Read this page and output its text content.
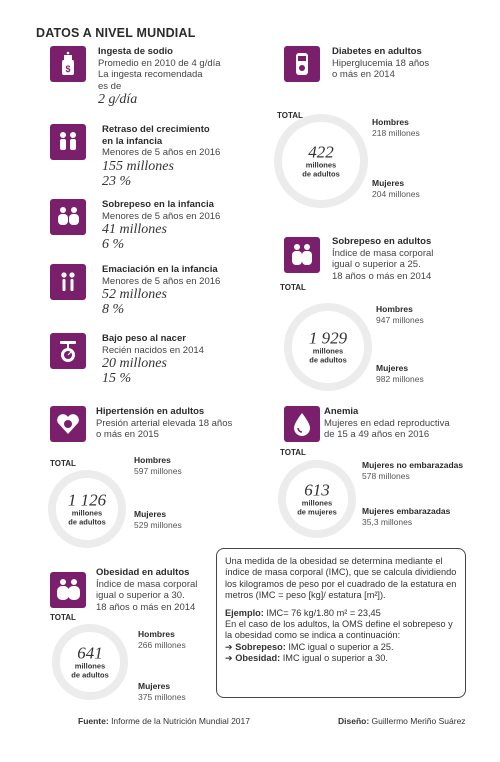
DATOS A NIVEL MUNDIAL
$
Ingesta de sodio
Promedio en 2010 de 4 g/día
La ingesta recomendada
es de
2 g/día
Retraso del crecimiento
en la infancia
Menores de 5 años en 2016
155 millones
23 %
Sobrepeso en la infancia
Menores de 5 años en 2016
41 millones
6 %
Emaciación en la infancia
Menores de 5 años en 2016
52 millones
8 %
Bajo peso al nacer
Recién nacidos en 2014
20 millones
15 %
Hipertensión en adultos
Presión arterial elevada 18 años
o más en 2015
TOTAL
1 126
millones
de adultos
Hombres
597 millones
Mujeres
529 millones
Obesidad en adultos
Índice de masa corporal
igual o superior a 30.
18 años o más en 2014
TOTAL
641
millones
de adultos
Hombres
266 millones
Mujeres
375 millones
Diabetes en adultos
Hiperglucemia 18 años
o más en 2014
TOTAL
422
millones
de adultos
Hombres
218 millones
Mujeres
204 millones
Sobrepeso en adultos
Índice de masa corporal
igual o superior a 25.
18 años o más en 2014
TOTAL
1 929
millones
de adultos
Hombres
947 millones
Mujeres
982 millones
Anemia
Mujeres en edad reproductiva
de 15 a 49 años en 2016
TOTAL
613
millones
de mujeres
Mujeres no embarazadas
578 millones
Mujeres embarazadas
35,3 millones

Una medida de la obesidad se determina mediante el índice de masa corporal (IMC), que se calcula dividiendo los kilogramos de peso por el cuadrado de la estatura en metros (IMC = peso [kg]/ estatura [m²]).

Ejemplo: IMC= 76 kg/1.80 m² = 23,45
En el caso de los adultos, la OMS define el sobrepeso y la obesidad como se indica a continuación:
➔ Sobrepeso: IMC igual o superior a 25.
➔ Obesidad: IMC igual o superior a 30.
Fuente: Informe de la Nutrición Mundial 2017	Diseño: Guillermo Meriño Suárez
